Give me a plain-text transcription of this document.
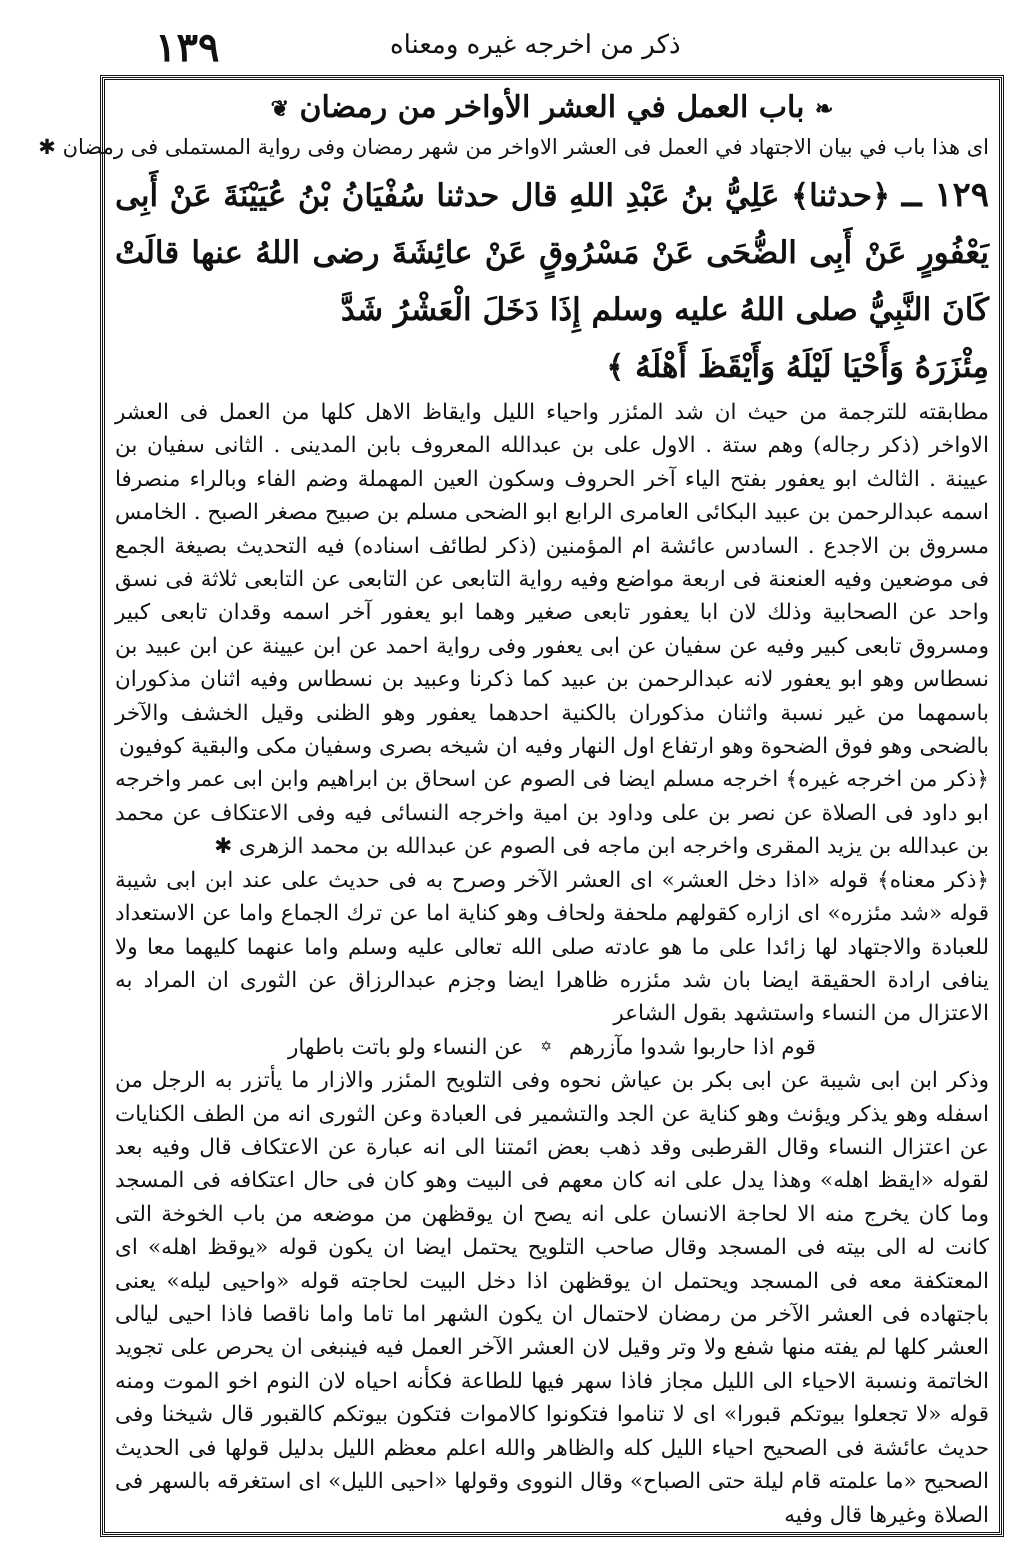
١٣٩	ذكر من اخرجه غيره ومعناه
❧ باب العمل في العشر الأواخر من رمضان ❦
اى هذا باب في بيان الاجتهاد في العمل فى العشر الاواخر من شهر رمضان وفى رواية المستملى فى رمضان ✱
١٢٩ ــ ﴿حدثنا﴾ عَلِيُّ بنُ عَبْدِ اللهِ قال حدثنا سُفْيَانُ بْنُ عُيَيْنَةَ عَنْ أَبِى يَعْفُورٍ عَنْ أَبِى الضُّحَى عَنْ مَسْرُوقٍ عَنْ عائِشَةَ رضى اللهُ عنها قالَتْ كَانَ النَّبِيُّ صلى اللهُ عليه وسلم إِذَا دَخَلَ الْعَشْرُ شَدَّ
مِئْزَرَهُ وَأَحْيَا لَيْلَهُ وَأَيْقَظَ أَهْلَهُ ﴾

مطابقته للترجمة من حيث ان شد المئزر واحياء الليل وايقاظ الاهل كلها من العمل فى العشر الاواخر (ذكر رجاله) وهم ستة . الاول على بن عبدالله المعروف بابن المدينى . الثانى سفيان بن عيينة . الثالث ابو يعفور بفتح الياء آخر الحروف وسكون العين المهملة وضم الفاء وبالراء منصرفا اسمه عبدالرحمن بن عبيد البكائى العامرى الرابع ابو الضحى مسلم بن صبيح مصغر الصبح . الخامس مسروق بن الاجدع . السادس عائشة ام المؤمنين (ذكر لطائف اسناده) فيه التحديث بصيغة الجمع فى موضعين وفيه العنعنة فى اربعة مواضع وفيه رواية التابعى عن التابعى عن التابعى ثلاثة فى نسق واحد عن الصحابية وذلك لان ابا يعفور تابعى صغير وهما ابو يعفور آخر اسمه وقدان تابعى كبير ومسروق تابعى كبير وفيه عن سفيان عن ابى يعفور وفى رواية احمد عن ابن عيينة عن ابن عبيد بن نسطاس وهو ابو يعفور لانه عبدالرحمن بن عبيد كما ذكرنا وعبيد بن نسطاس وفيه اثنان مذكوران باسمهما من غير نسبة واثنان مذكوران بالكنية احدهما يعفور وهو الظنى وقيل الخشف والآخر بالضحى وهو فوق الضحوة وهو ارتفاع اول النهار وفيه ان شيخه بصرى وسفيان مكى والبقية كوفيون

﴿ذكر من اخرجه غيره﴾ اخرجه مسلم ايضا فى الصوم عن اسحاق بن ابراهيم وابن ابى عمر واخرجه ابو داود فى الصلاة عن نصر بن على وداود بن امية واخرجه النسائى فيه وفى الاعتكاف عن محمد بن عبدالله بن يزيد المقرى واخرجه ابن ماجه فى الصوم عن عبدالله بن محمد الزهرى ✱

﴿ذكر معناه﴾ قوله «اذا دخل العشر» اى العشر الآخر وصرح به فى حديث على عند ابن ابى شيبة قوله «شد مئزره» اى ازاره كقولهم ملحفة ولحاف وهو كناية اما عن ترك الجماع واما عن الاستعداد للعبادة والاجتهاد لها زائدا على ما هو عادته صلى الله تعالى عليه وسلم واما عنهما كليهما معا ولا ينافى ارادة الحقيقة ايضا بان شد مئزره ظاهرا ايضا وجزم عبدالرزاق عن الثورى ان المراد به الاعتزال من النساء واستشهد بقول الشاعر

قوم اذا حاربوا شدوا مآزرهم ✡ عن النساء ولو باتت باطهار

وذكر ابن ابى شيبة عن ابى بكر بن عياش نحوه وفى التلويح المئزر والازار ما يأتزر به الرجل من اسفله وهو يذكر ويؤنث وهو كناية عن الجد والتشمير فى العبادة وعن الثورى انه من الطف الكنايات عن اعتزال النساء وقال القرطبى وقد ذهب بعض ائمتنا الى انه عبارة عن الاعتكاف قال وفيه بعد لقوله «ايقظ اهله» وهذا يدل على انه كان معهم فى البيت وهو كان فى حال اعتكافه فى المسجد وما كان يخرج منه الا لحاجة الانسان على انه يصح ان يوقظهن من موضعه من باب الخوخة التى كانت له الى بيته فى المسجد وقال صاحب التلويح يحتمل ايضا ان يكون قوله «يوقظ اهله» اى المعتكفة معه فى المسجد ويحتمل ان يوقظهن اذا دخل البيت لحاجته قوله «واحيى ليله» يعنى باجتهاده فى العشر الآخر من رمضان لاحتمال ان يكون الشهر اما تاما واما ناقصا فاذا احيى ليالى العشر كلها لم يفته منها شفع ولا وتر وقيل لان العشر الآخر العمل فيه فينبغى ان يحرص على تجويد الخاتمة ونسبة الاحياء الى الليل مجاز فاذا سهر فيها للطاعة فكأنه احياه لان النوم اخو الموت ومنه قوله «لا تجعلوا بيوتكم قبورا» اى لا تناموا فتكونوا كالاموات فتكون بيوتكم كالقبور قال شيخنا وفى حديث عائشة فى الصحيح احياء الليل كله والظاهر والله اعلم معظم الليل بدليل قولها فى الحديث الصحيح «ما علمته قام ليلة حتى الصباح» وقال النووى وقولها «احيى الليل» اى استغرقه بالسهر فى الصلاة وغيرها قال وفيه
